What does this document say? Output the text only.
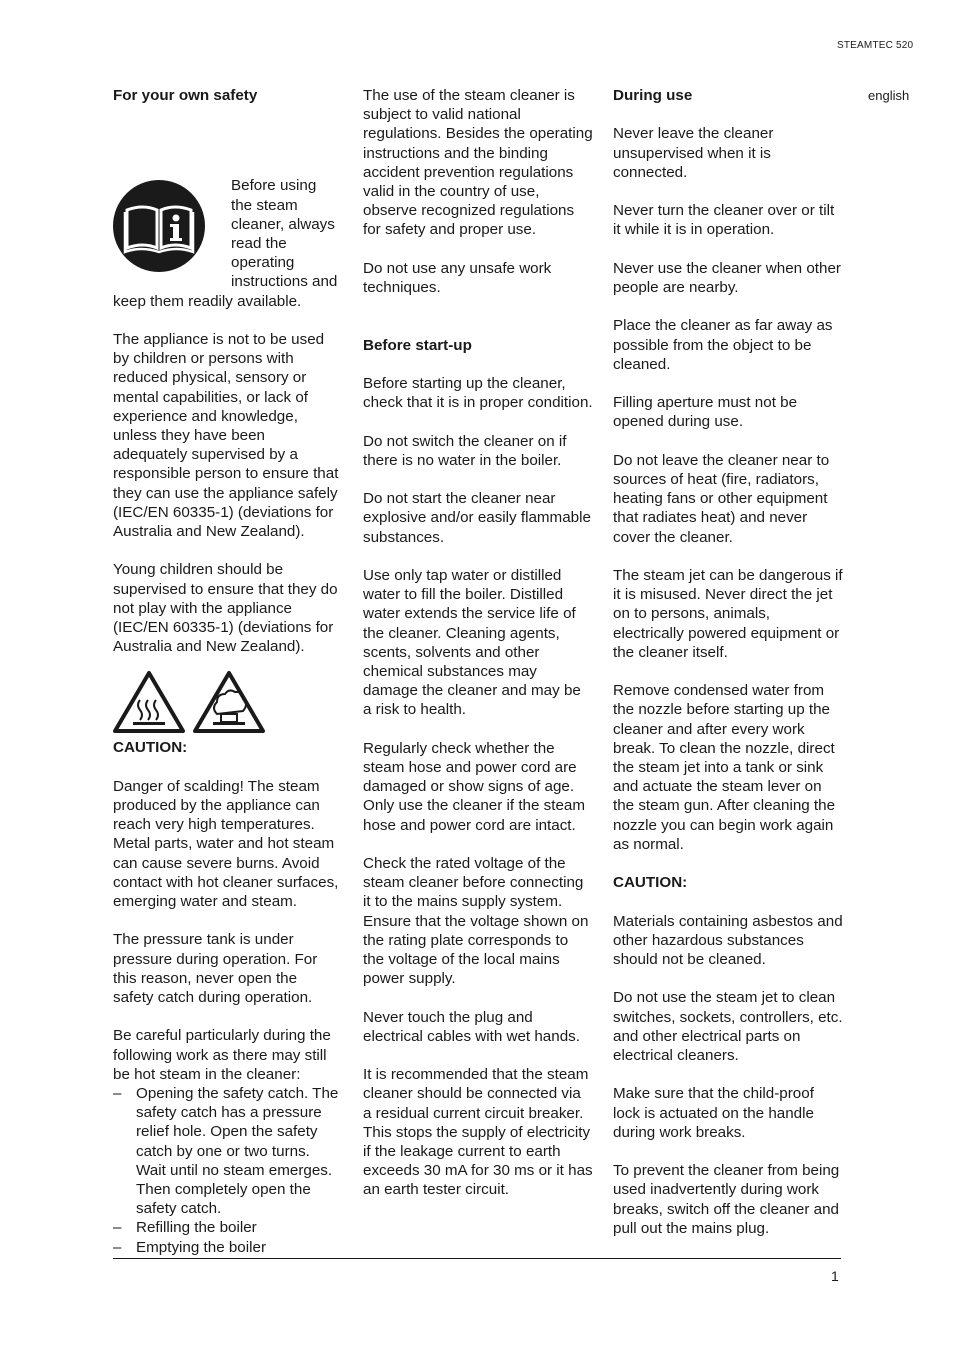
STEAMTEC 520
english

For your own safety

Before using the steam cleaner, always read the operating instructions and keep them readily available.

The appliance is not to be used by children or persons with reduced physical, sensory or mental capabilities, or lack of experience and knowledge, unless they have been adequately supervised by a responsible person to ensure that they can use the appliance safely (IEC/EN 60335-1) (deviations for Australia and New Zealand).

Young children should be supervised to ensure that they do not play with the appliance (IEC/EN 60335-1) (deviations for Australia and New Zealand).

CAUTION:

Danger of scalding! The steam produced by the appliance can reach very high temperatures. Metal parts, water and hot steam can cause severe burns. Avoid contact with hot cleaner surfaces, emerging water and steam.

The pressure tank is under pressure during operation. For this reason, never open the safety catch during operation.

Be careful particularly during the following work as there may still be hot steam in the cleaner:

– Opening the safety catch. The safety catch has a pressure relief hole. Open the safety catch by one or two turns. Wait until no steam emerges. Then completely open the safety catch.
– Refilling the boiler
– Emptying the boiler

The use of the steam cleaner is subject to valid national regulations. Besides the operating instructions and the binding accident prevention regulations valid in the country of use, observe recognized regulations for safety and proper use.

Do not use any unsafe work techniques.

Before start-up

Before starting up the cleaner, check that it is in proper condition.

Do not switch the cleaner on if there is no water in the boiler.

Do not start the cleaner near explosive and/or easily flammable substances.

Use only tap water or distilled water to fill the boiler. Distilled water extends the service life of the cleaner. Cleaning agents, scents, solvents and other chemical substances may damage the cleaner and may be a risk to health.

Regularly check whether the steam hose and power cord are damaged or show signs of age. Only use the cleaner if the steam hose and power cord are intact.

Check the rated voltage of the steam cleaner before connecting it to the mains supply system. Ensure that the voltage shown on the rating plate corresponds to the voltage of the local mains power supply.

Never touch the plug and electrical cables with wet hands.

It is recommended that the steam cleaner should be connected via a residual current circuit breaker. This stops the supply of electricity if the leakage current to earth exceeds 30 mA for 30 ms or it has an earth tester circuit.

During use

Never leave the cleaner unsupervised when it is connected.

Never turn the cleaner over or tilt it while it is in operation.

Never use the cleaner when other people are nearby.

Place the cleaner as far away as possible from the object to be cleaned.

Filling aperture must not be opened during use.

Do not leave the cleaner near to sources of heat (fire, radiators, heating fans or other equipment that radiates heat) and never cover the cleaner.

The steam jet can be dangerous if it is misused. Never direct the jet on to persons, animals, electrically powered equipment or the cleaner itself.

Remove condensed water from the nozzle before starting up the cleaner and after every work break. To clean the nozzle, direct the steam jet into a tank or sink and actuate the steam lever on the steam gun. After cleaning the nozzle you can begin work again as normal.

CAUTION:

Materials containing asbestos and other hazardous substances should not be cleaned.

Do not use the steam jet to clean switches, sockets, controllers, etc. and other electrical parts on electrical cleaners.

Make sure that the child-proof lock is actuated on the handle during work breaks.

To prevent the cleaner from being used inadvertently during work breaks, switch off the cleaner and pull out the mains plug.

1
